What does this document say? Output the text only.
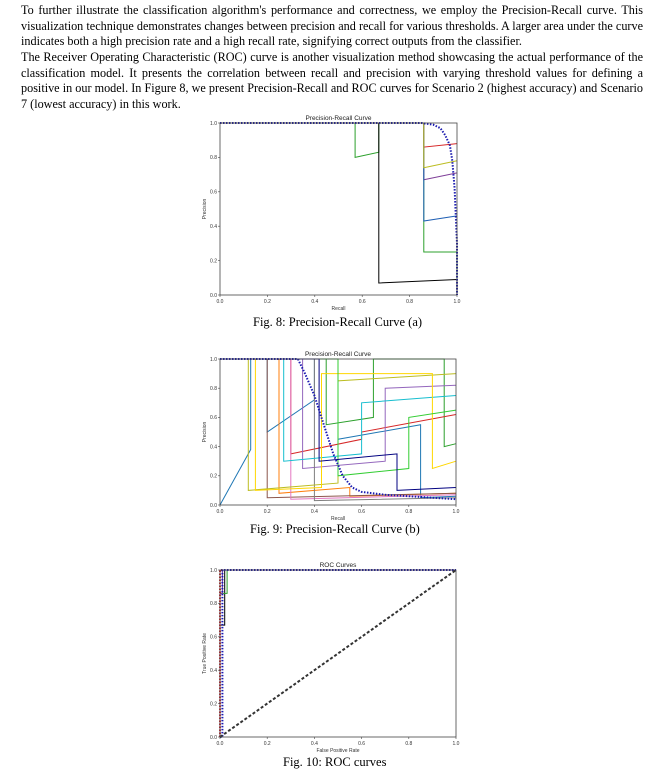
To further illustrate the classification algorithm's performance and correctness, we employ the Precision-Recall curve. This visualization technique demonstrates changes between precision and recall for various thresholds. A larger area under the curve indicates both a high precision rate and a high recall rate, signifying correct outputs from the classifier.

The Receiver Operating Characteristic (ROC) curve is another visualization method showcasing the actual performance of the classification model. It presents the correlation between recall and precision with varying threshold values for defining a positive in our model. In Figure 8, we present Precision-Recall and ROC curves for Scenario 2 (highest accuracy) and Scenario 7 (lowest accuracy) in this work.

Precision-Recall Curve
0.0	0.2	0.4	0.6	0.8	1.0
0.0
0.2
0.4
0.6
0.8
1.0
Recall
Precision
Fig. 8: Precision-Recall Curve (a)
Precision-Recall Curve
0.0	0.2	0.4	0.6	0.8	1.0
0.0
0.2
0.4
0.6
0.8
1.0
Recall
Precision
Fig. 9: Precision-Recall Curve (b)
ROC Curves
0.0	0.2	0.4	0.6	0.8	1.0
0.0
0.2
0.4
0.6
0.8
1.0
False Positive Rate
True Positive Rate
Fig. 10: ROC curves
